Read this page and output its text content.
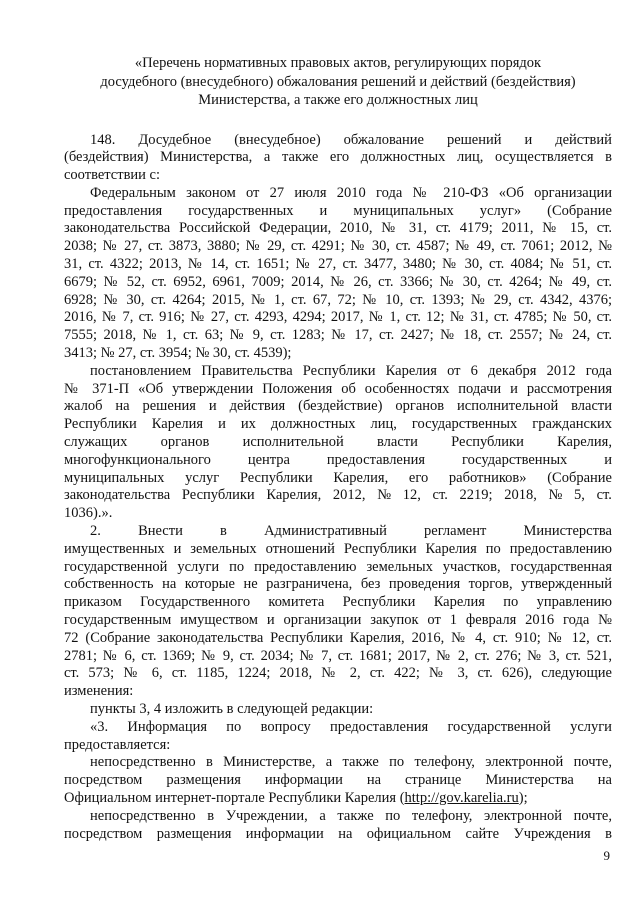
«Перечень нормативных правовых актов, регулирующих порядок
досудебного (внесудебного) обжалования решений и действий (бездействия)
Министерства, а также его должностных лиц
148. Досудебное (внесудебное) обжалование решений и действий
(бездействия) Министерства, а также его должностных лиц, осуществляется в
соответствии с:
Федеральным законом от 27 июля 2010 года № 210-ФЗ «Об организации
предоставления государственных и муниципальных услуг» (Собрание
законодательства Российской Федерации, 2010, № 31, ст. 4179; 2011, № 15, ст.
2038; № 27, ст. 3873, 3880; № 29, ст. 4291; № 30, ст. 4587; № 49, ст. 7061; 2012, №
31, ст. 4322; 2013, № 14, ст. 1651; № 27, ст. 3477, 3480; № 30, ст. 4084; № 51, ст.
6679; № 52, ст. 6952, 6961, 7009; 2014, № 26, ст. 3366; № 30, ст. 4264; № 49, ст.
6928; № 30, ст. 4264; 2015, № 1, ст. 67, 72; № 10, ст. 1393; № 29, ст. 4342, 4376;
2016, № 7, ст. 916; № 27, ст. 4293, 4294; 2017, № 1, ст. 12; № 31, ст. 4785; № 50, ст.
7555; 2018, № 1, ст. 63; № 9, ст. 1283; № 17, ст. 2427; № 18, ст. 2557; № 24, ст.
3413; № 27, ст. 3954; № 30, ст. 4539);
постановлением Правительства Республики Карелия от 6 декабря 2012 года
№ 371-П «Об утверждении Положения об особенностях подачи и рассмотрения
жалоб на решения и действия (бездействие) органов исполнительной власти
Республики Карелия и их должностных лиц, государственных гражданских
служащих органов исполнительной власти Республики Карелия,
многофункционального	центра	предоставления	государственных	и
муниципальных услуг Республики Карелия, его работников» (Собрание
законодательства Республики Карелия, 2012, № 12, ст. 2219; 2018, № 5, ст.
1036).».
2.	Внести	в	Административный	регламент	Министерства
имущественных и земельных отношений Республики Карелия по предоставлению
государственной услуги по предоставлению земельных участков, государственная
собственность на которые не разграничена, без проведения торгов, утвержденный
приказом Государственного комитета Республики Карелия по управлению
государственным имуществом и организации закупок от 1 февраля 2016 года №
72 (Собрание законодательства Республики Карелия, 2016, № 4, ст. 910; № 12, ст.
2781; № 6, ст. 1369; № 9, ст. 2034; № 7, ст. 1681; 2017, № 2, ст. 276; № 3, ст. 521,
ст. 573; № 6, ст. 1185, 1224; 2018, № 2, ст. 422; № 3, ст. 626), следующие
изменения:
пункты 3, 4 изложить в следующей редакции:
«3. Информация по вопросу предоставления государственной услуги
предоставляется:
непосредственно в Министерстве, а также по телефону, электронной почте,
посредством размещения информации на странице Министерства на
Официальном интернет-портале Республики Карелия ( http://gov.karelia.ru );
непосредственно в Учреждении, а также по телефону, электронной почте,
посредством размещения информации на официальном сайте Учреждения в
9
